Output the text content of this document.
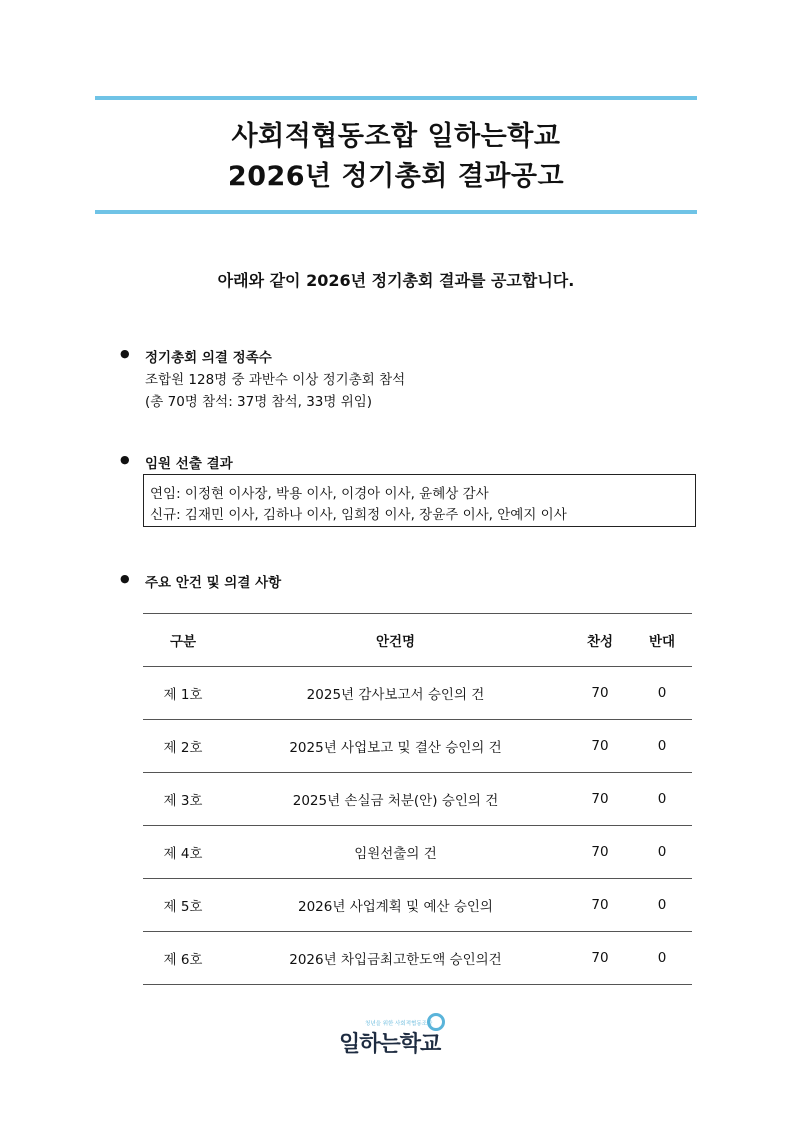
사회적협동조합 일하는학교
2026년 정기총회 결과공고
아래와 같이 2026년 정기총회 결과를 공고합니다.
● 정기총회 의결 정족수
조합원 128명 중 과반수 이상 정기총회 참석
(총 70명 참석: 37명 참석, 33명 위임)
● 임원 선출 결과
연임: 이정현 이사장, 박용 이사, 이경아 이사, 윤혜상 감사
신규: 김재민 이사, 김하나 이사, 임희정 이사, 장윤주 이사, 안예지 이사
● 주요 안건 및 의결 사항
구분	안건명	찬성	반대
제 1호	2025년 감사보고서 승인의 건	70	0
제 2호	2025년 사업보고 및 결산 승인의 건	70	0
제 3호	2025년 손실금 처분(안) 승인의 건	70	0
제 4호	임원선출의 건	70	0
제 5호	2026년 사업계획 및 예산 승인의	70	0
제 6호	2026년 차입금최고한도액 승인의건	70	0
청년을 위한 사회적협동조합
일하는학교
